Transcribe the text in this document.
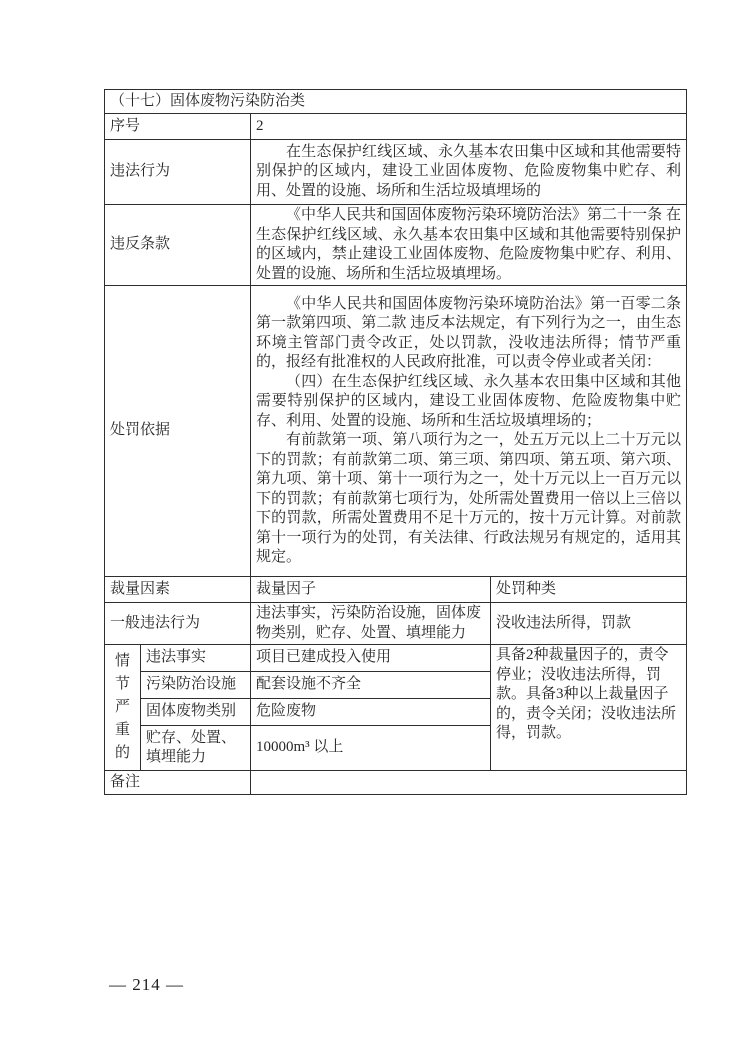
（十七）固体废物污染防治类			
序号		2	
违法行为		在生态保护红线区域、永久基本农田集中区域和其他需要特别保护的区域内，建设工业固体废物、危险废物集中贮存、利用、处置的设施、场所和生活垃圾填埋场的	

违反条款		《中华人民共和国固体废物污染环境防治法》第二十一条 在生态保护红线区域、永久基本农田集中区域和其他需要特别保护的区域内，禁止建设工业固体废物、危险废物集中贮存、利用、处置的设施、场所和生活垃圾填埋场。	

处罚依据		《中华人民共和国固体废物污染环境防治法》第一百零二条第一款第四项、第二款 违反本法规定，有下列行为之一，由生态环境主管部门责令改正，处以罚款，没收违法所得；情节严重的，报经有批准权的人民政府批准，可以责令停业或者关闭：

（四）在生态保护红线区域、永久基本农田集中区域和其他需要特别保护的区域内，建设工业固体废物、危险废物集中贮存、利用、处置的设施、场所和生活垃圾填埋场的；

有前款第一项、第八项行为之一，处五万元以上二十万元以下的罚款；有前款第二项、第三项、第四项、第五项、第六项、第九项、第十项、第十一项行为之一，处十万元以上一百万元以下的罚款；有前款第七项行为，处所需处置费用一倍以上三倍以下的罚款，所需处置费用不足十万元的，按十万元计算。对前款第十一项行为的处罚，有关法律、行政法规另有规定的，适用其规定。	

裁量因素		裁量因子	处罚种类
一般违法行为		违法事实，污染防治设施，固体废物类别，贮存、处置、填埋能力	没收违法所得，罚款

情
节
严
重
的	违法事实	项目已建成投入使用	具备2种裁量因子的，责令停业；没收违法所得，罚款。具备3种以上裁量因子的，责令关闭；没收违法所得，罚款。
	污染防治设施	配套设施不齐全	
	固体废物类别	危险废物	
	贮存、处置、填埋能力	10000m³ 以上	
备注			
— 214 —
